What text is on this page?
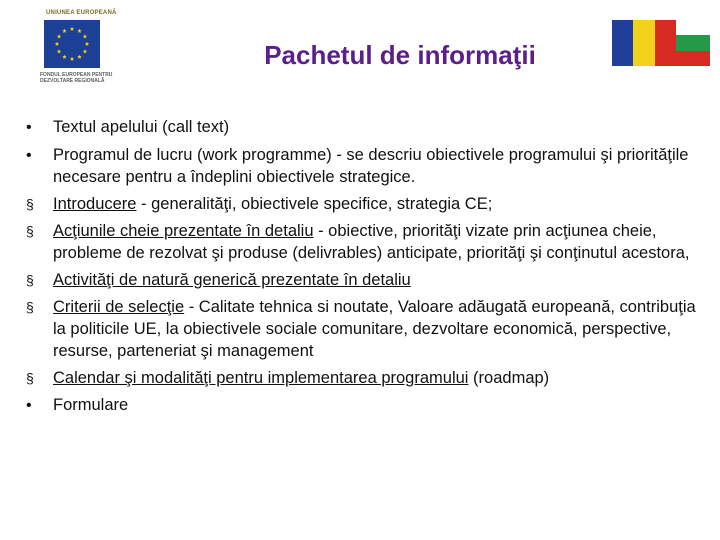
UNIUNEA EUROPEANĂ
FONDUL EUROPEAN PENTRU DEZVOLTARE REGIONALĂ
Pachetul de informaţii
•
Textul apelului (call text)
•
Programul de lucru (work programme) - se descriu obiectivele programului şi priorităţile necesare pentru a îndeplini obiectivele strategice.
§
Introducere - generalităţi, obiectivele specifice, strategia CE;
§
Acţiunile cheie prezentate în detaliu - obiective, priorităţi vizate prin acţiunea cheie, probleme de rezolvat şi produse (delivrables) anticipate, priorităţi şi conţinutul acestora,
§
Activităţi de natură generică prezentate în detaliu
§
Criterii de selecţie - Calitate tehnica si noutate, Valoare adăugată europeană, contribuţia la politicile UE, la obiectivele sociale comunitare, dezvoltare economică, perspective, resurse, parteneriat şi management
§
Calendar şi modalităţi pentru implementarea programului (roadmap)
•
Formulare
